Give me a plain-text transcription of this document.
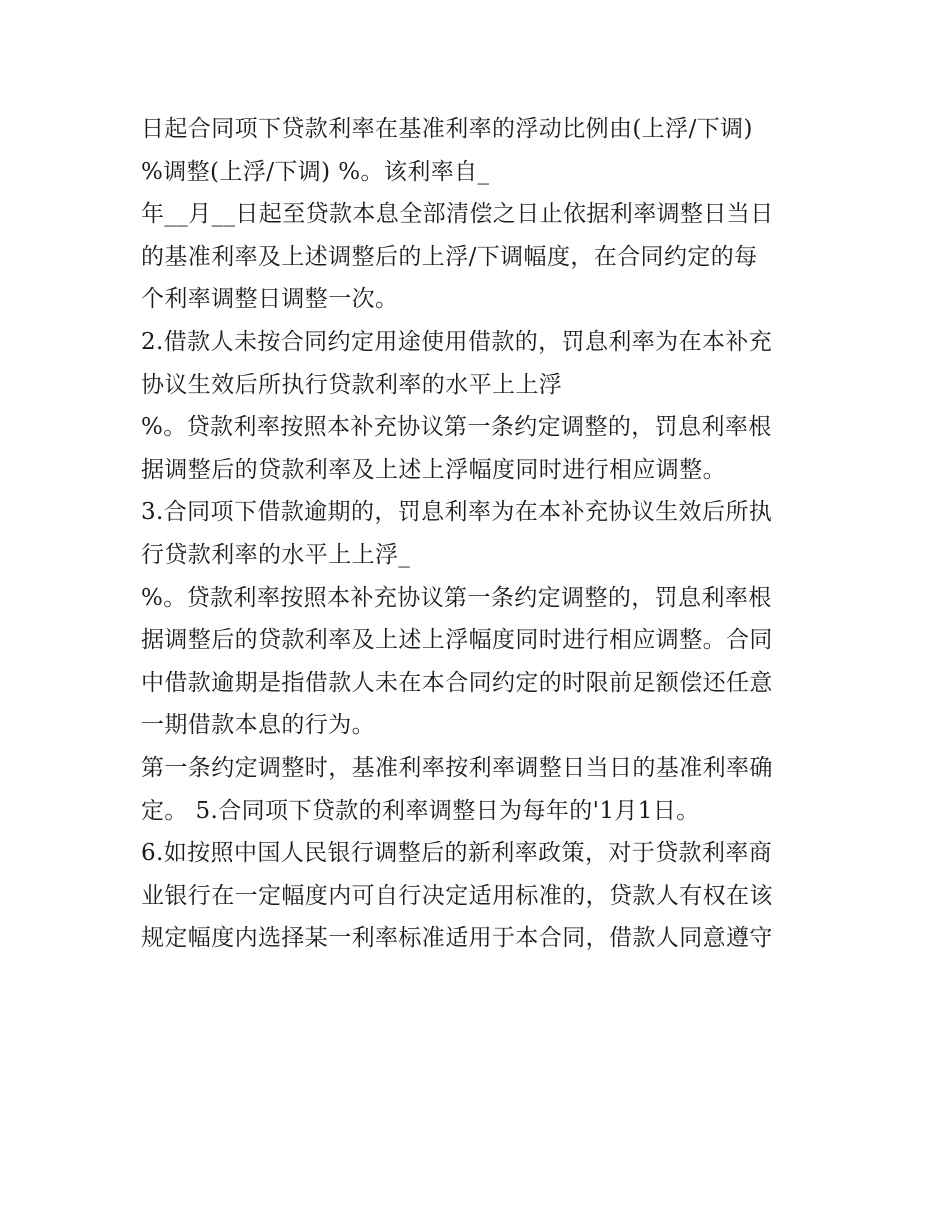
日起合同项下贷款利率在基准利率的浮动比例由(上浮/下调)
%调整(上浮/下调) %。该利率自_
年__月__日起至贷款本息全部清偿之日止依据利率调整日当日
的基准利率及上述调整后的上浮/下调幅度，在合同约定的每
个利率调整日调整一次。
2.借款人未按合同约定用途使用借款的，罚息利率为在本补充
协议生效后所执行贷款利率的水平上上浮
%。贷款利率按照本补充协议第一条约定调整的，罚息利率根
据调整后的贷款利率及上述上浮幅度同时进行相应调整。
3.合同项下借款逾期的，罚息利率为在本补充协议生效后所执
行贷款利率的水平上上浮_
%。贷款利率按照本补充协议第一条约定调整的，罚息利率根
据调整后的贷款利率及上述上浮幅度同时进行相应调整。合同
中借款逾期是指借款人未在本合同约定的时限前足额偿还任意
一期借款本息的行为。
第一条约定调整时，基准利率按利率调整日当日的基准利率确
定。 5.合同项下贷款的利率调整日为每年的'1月1日。
6.如按照中国人民银行调整后的新利率政策，对于贷款利率商
业银行在一定幅度内可自行决定适用标准的，贷款人有权在该
规定幅度内选择某一利率标准适用于本合同，借款人同意遵守
